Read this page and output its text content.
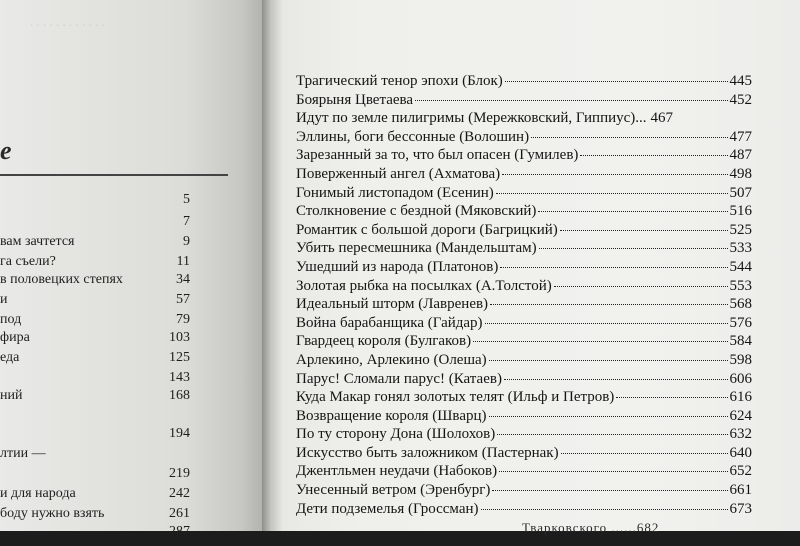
. . . . . . . . . . . .
е
5
7
вам зачтется	9
га съели?	11
в половецких степях	34
и	57
под	79
фира	103
еда	125
143
ний	168
194
лтии —
219
и для народа	242
боду нужно взять	261
287
Трагический тенор эпохи (Блок)	445
Боярыня Цветаева	452
Идут по земле пилигримы (Мережковский, Гиппиус)... 467
Эллины, боги бессонные (Волошин)	477
Зарезанный за то, что был опасен (Гумилев)	487
Поверженный ангел (Ахматова)	498
Гонимый листопадом (Есенин)	507
Столкновение с бездной (Мяковский)	516
Романтик с большой дороги (Багрицкий)	525
Убить пересмешника (Мандельштам)	533
Ушедший из народа (Платонов)	544
Золотая рыбка на посылках (А.Толстой)	553
Идеальный шторм (Лавренев)	568
Война барабанщика (Гайдар)	576
Гвардеец короля (Булгаков)	584
Арлекино, Арлекино (Олеша)	598
Парус! Сломали парус! (Катаев)	606
Куда Макар гонял золотых телят (Ильф и Петров)	616
Возвращение короля (Шварц)	624
По ту сторону Дона (Шолохов)	632
Искусство быть заложником (Пастернак)	640
Джентльмен неудачи (Набоков)	652
Унесенный ветром (Эренбург)	661
Дети подземелья (Гроссман)	673
Тварковского ......682
